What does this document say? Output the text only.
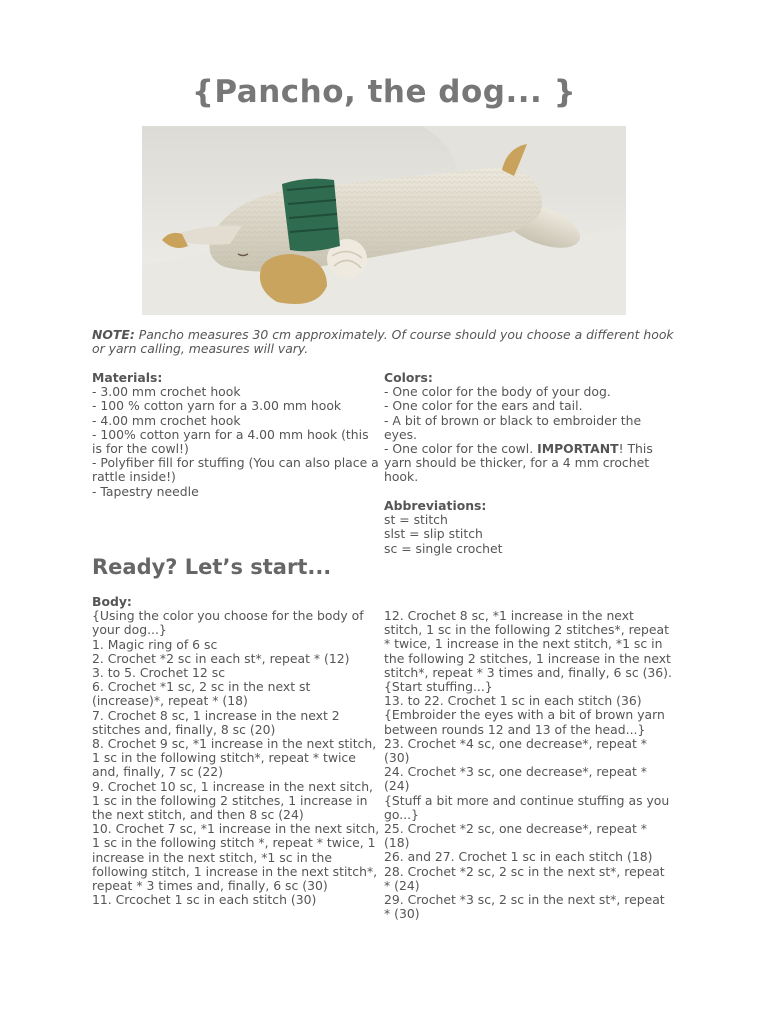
{Pancho, the dog... }
NOTE: Pancho measures 30 cm approximately. Of course should you choose a different hook or yarn calling, measures will vary.
Materials:
- 3.00 mm crochet hook
- 100 % cotton yarn for a 3.00 mm hook
- 4.00 mm crochet hook
- 100% cotton yarn for a 4.00 mm hook (this is for the cowl!)
- Polyfiber fill for stuffing (You can also place a rattle inside!)
- Tapestry needle
Colors:
- One color for the body of your dog.
- One color for the ears and tail.
- A bit of brown or black to embroider the eyes.
- One color for the cowl. IMPORTANT! This yarn should be thicker, for a 4 mm crochet hook.
Abbreviations:
st = stitch
slst = slip stitch
sc = single crochet
Ready? Let’s start...
Body:
{Using the color you choose for the body of your dog...}
1. Magic ring of 6 sc
2. Crochet *2 sc in each st*, repeat * (12)
3. to 5. Crochet 12 sc
6. Crochet *1 sc, 2 sc in the next st (increase)*, repeat * (18)
7. Crochet 8 sc, 1 increase in the next 2 stitches and, finally, 8 sc (20)
8. Crochet 9 sc, *1 increase in the next stitch, 1 sc in the following stitch*, repeat * twice and, finally, 7 sc (22)
9. Crochet 10 sc, 1 increase in the next sitch, 1 sc in the following 2 stitches, 1 increase in the next stitch, and then 8 sc (24)
10. Crochet 7 sc, *1 increase in the next sitch, 1 sc in the following stitch *, repeat * twice, 1 increase in the next stitch, *1 sc in the following stitch, 1 increase in the next stitch*, repeat * 3 times and, finally, 6 sc (30)
11. Crcochet 1 sc in each stitch (30)
12. Crochet 8 sc, *1 increase in the next stitch, 1 sc in the following 2 stitches*, repeat * twice, 1 increase in the next stitch, *1 sc in the following 2 stitches, 1 increase in the next stitch*, repeat * 3 times and, finally, 6 sc (36).
{Start stuffing...}
13. to 22. Crochet 1 sc in each stitch (36)
{Embroider the eyes with a bit of brown yarn between rounds 12 and 13 of the head...}
23. Crochet *4 sc, one decrease*, repeat * (30)
24. Crochet *3 sc, one decrease*, repeat * (24)
{Stuff a bit more and continue stuffing as you go...}
25. Crochet *2 sc, one decrease*, repeat * (18)
26. and 27. Crochet 1 sc in each stitch (18)
28. Crochet *2 sc, 2 sc in the next st*, repeat * (24)
29. Crochet *3 sc, 2 sc in the next st*, repeat * (30)
